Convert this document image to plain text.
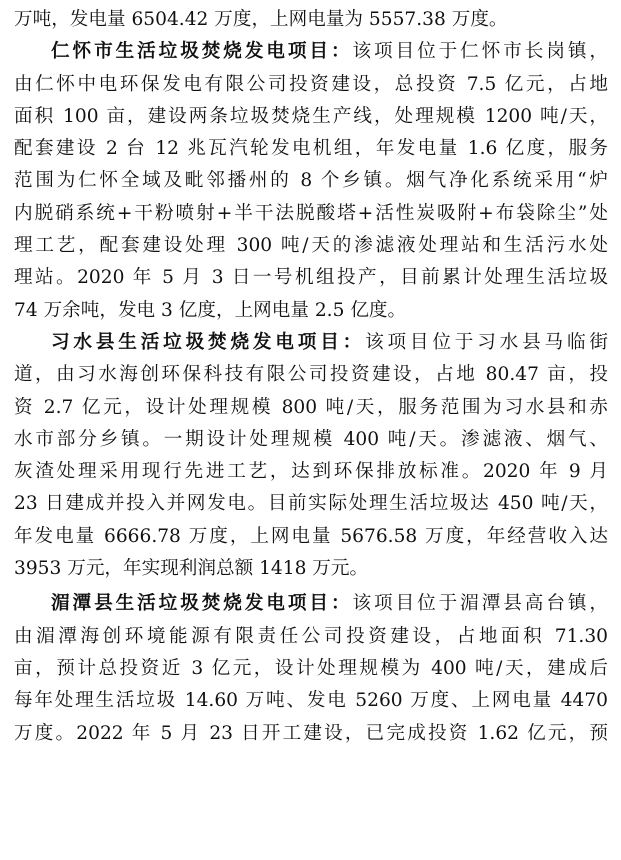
万吨，发电量 6504.42 万度，上网电量为 5557.38 万度。
仁怀市生活垃圾焚烧发电项目：该项目位于仁怀市长岗镇，
由仁怀中电环保发电有限公司投资建设，总投资 7.5 亿元，占地
面积 100 亩，建设两条垃圾焚烧生产线，处理规模 1200 吨/天，
配套建设 2 台 12 兆瓦汽轮发电机组，年发电量 1.6 亿度，服务
范围为仁怀全域及毗邻播州的 8 个乡镇。烟气净化系统采用“炉
内脱硝系统+干粉喷射+半干法脱酸塔+活性炭吸附+布袋除尘”处
理工艺，配套建设处理 300 吨/天的渗滤液处理站和生活污水处
理站。2020 年 5 月 3 日一号机组投产，目前累计处理生活垃圾
74 万余吨，发电 3 亿度，上网电量 2.5 亿度。
习水县生活垃圾焚烧发电项目：该项目位于习水县马临街
道，由习水海创环保科技有限公司投资建设，占地 80.47 亩，投
资 2.7 亿元，设计处理规模 800 吨/天，服务范围为习水县和赤
水市部分乡镇。一期设计处理规模 400 吨/天。渗滤液、烟气、
灰渣处理采用现行先进工艺，达到环保排放标准。2020 年 9 月
23 日建成并投入并网发电。目前实际处理生活垃圾达 450 吨/天，
年发电量 6666.78 万度，上网电量 5676.58 万度，年经营收入达
3953 万元，年实现利润总额 1418 万元。
湄潭县生活垃圾焚烧发电项目：该项目位于湄潭县高台镇，
由湄潭海创环境能源有限责任公司投资建设，占地面积 71.30
亩，预计总投资近 3 亿元，设计处理规模为 400 吨/天，建成后
每年处理生活垃圾 14.60 万吨、发电 5260 万度、上网电量 4470
万度。2022 年 5 月 23 日开工建设，已完成投资 1.62 亿元，预
